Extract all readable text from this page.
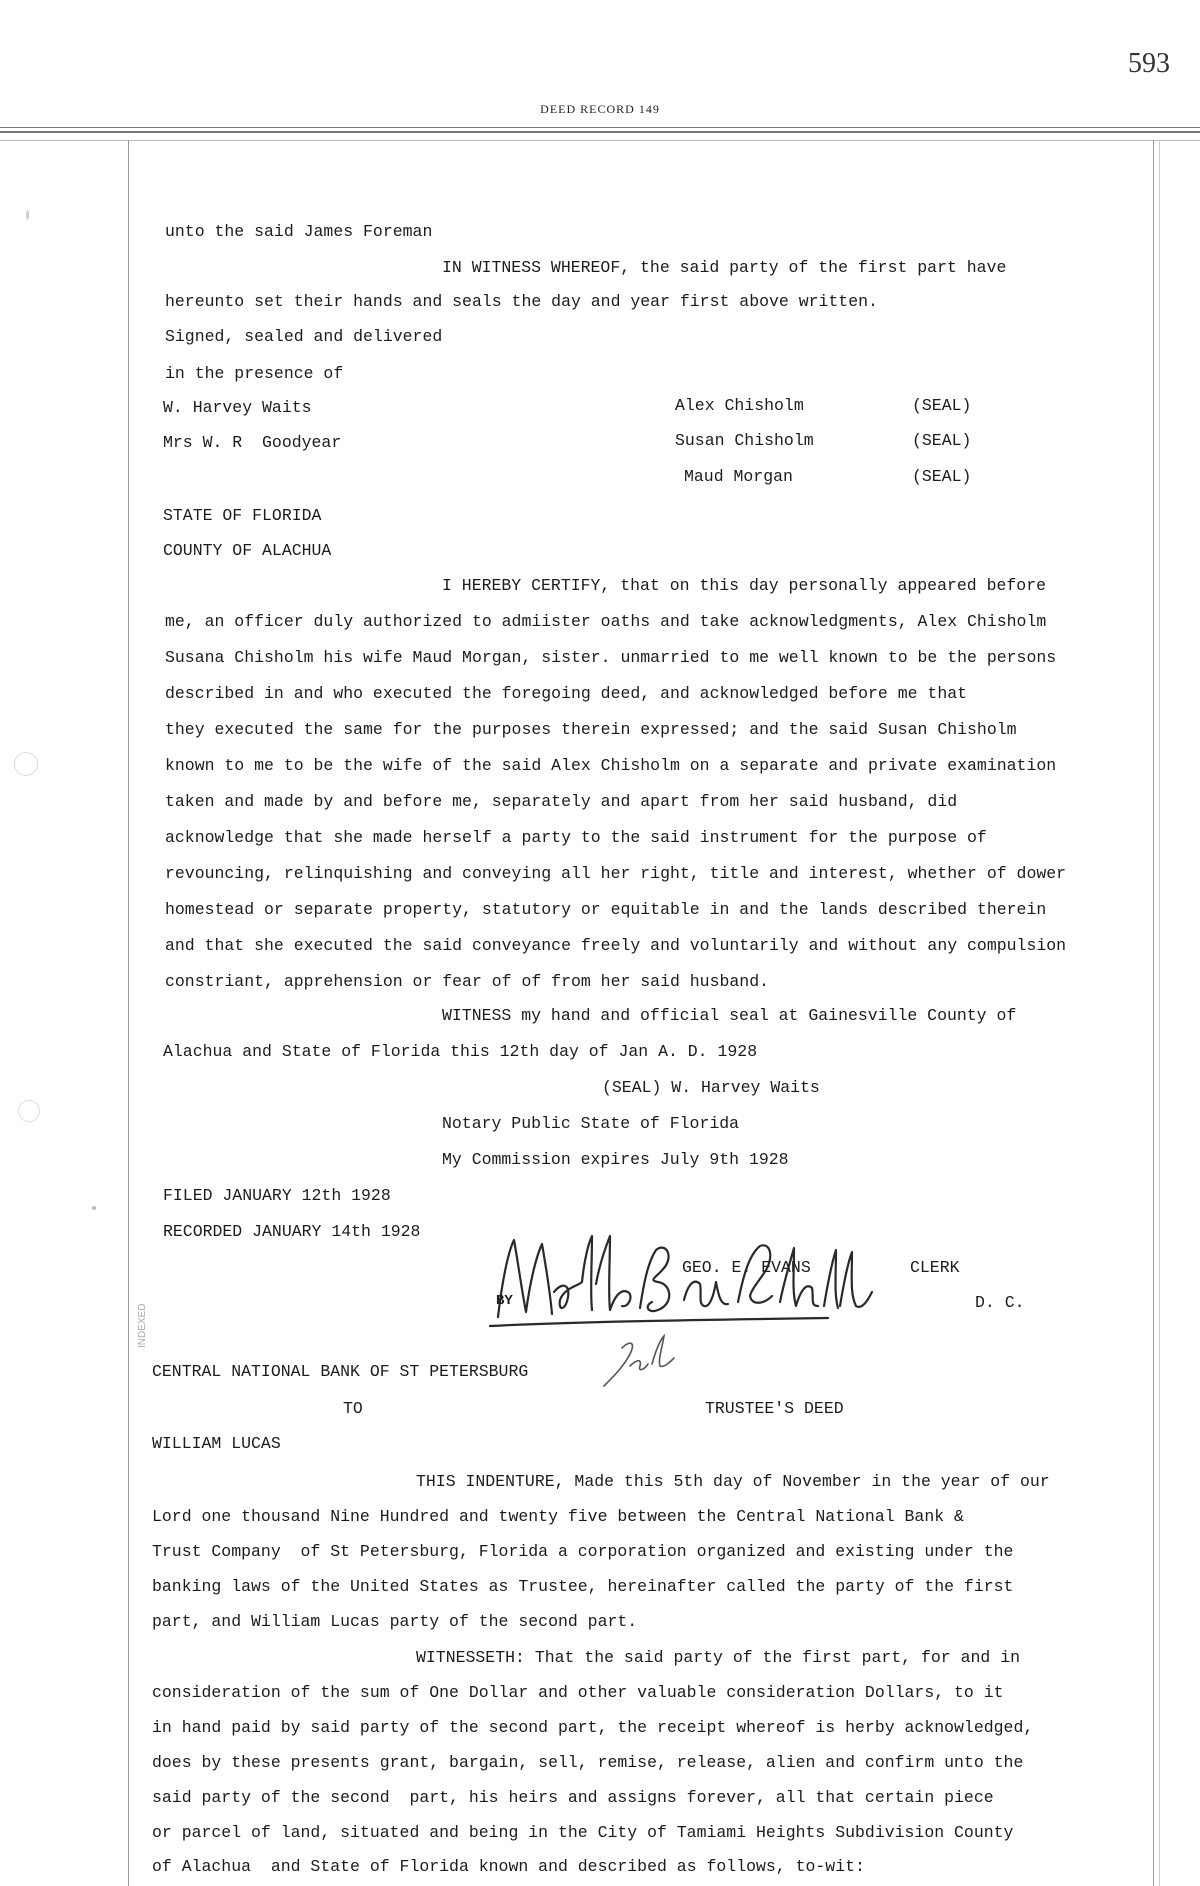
593
DEED RECORD 149
unto the said James Foreman
IN WITNESS WHEREOF, the said party of the first part have
hereunto set their hands and seals the day and year first above written.
Signed, sealed and delivered
in the presence of
W. Harvey Waits
Mrs W. R  Goodyear
Alex Chisholm	(SEAL)
Susan Chisholm	(SEAL)
Maud Morgan	(SEAL)
STATE OF FLORIDA
COUNTY OF ALACHUA
I HEREBY CERTIFY, that on this day personally appeared before
me, an officer duly authorized to admiister oaths and take acknowledgments, Alex Chisholm
Susana Chisholm his wife Maud Morgan, sister. unmarried to me well known to be the persons
described in and who executed the foregoing deed, and acknowledged before me that
they executed the same for the purposes therein expressed; and the said Susan Chisholm
known to me to be the wife of the said Alex Chisholm on a separate and private examination
taken and made by and before me, separately and apart from her said husband, did
acknowledge that she made herself a party to the said instrument for the purpose of
revouncing, relinquishing and conveying all her right, title and interest, whether of dower
homestead or separate property, statutory or equitable in and the lands described therein
and that she executed the said conveyance freely and voluntarily and without any compulsion
constriant, apprehension or fear of of from her said husband.
WITNESS my hand and official seal at Gainesville County of
Alachua and State of Florida this 12th day of Jan A. D. 1928
(SEAL) W. Harvey Waits
Notary Public State of Florida
My Commission expires July 9th 1928
FILED JANUARY 12th 1928
RECORDED JANUARY 14th 1928
GEO. E. EVANS	CLERK
BY	D. C.
INDEXED
CENTRAL NATIONAL BANK OF ST PETERSBURG
TO	TRUSTEE'S DEED
WILLIAM LUCAS
THIS INDENTURE, Made this 5th day of November in the year of our
Lord one thousand Nine Hundred and twenty five between the Central National Bank &
Trust Company  of St Petersburg, Florida a corporation organized and existing under the
banking laws of the United States as Trustee, hereinafter called the party of the first
part, and William Lucas party of the second part.
WITNESSETH: That the said party of the first part, for and in
consideration of the sum of One Dollar and other valuable consideration Dollars, to it
in hand paid by said party of the second part, the receipt whereof is herby acknowledged,
does by these presents grant, bargain, sell, remise, release, alien and confirm unto the
said party of the second  part, his heirs and assigns forever, all that certain piece
or parcel of land, situated and being in the City of Tamiami Heights Subdivision County
of Alachua  and State of Florida known and described as follows, to-wit:
